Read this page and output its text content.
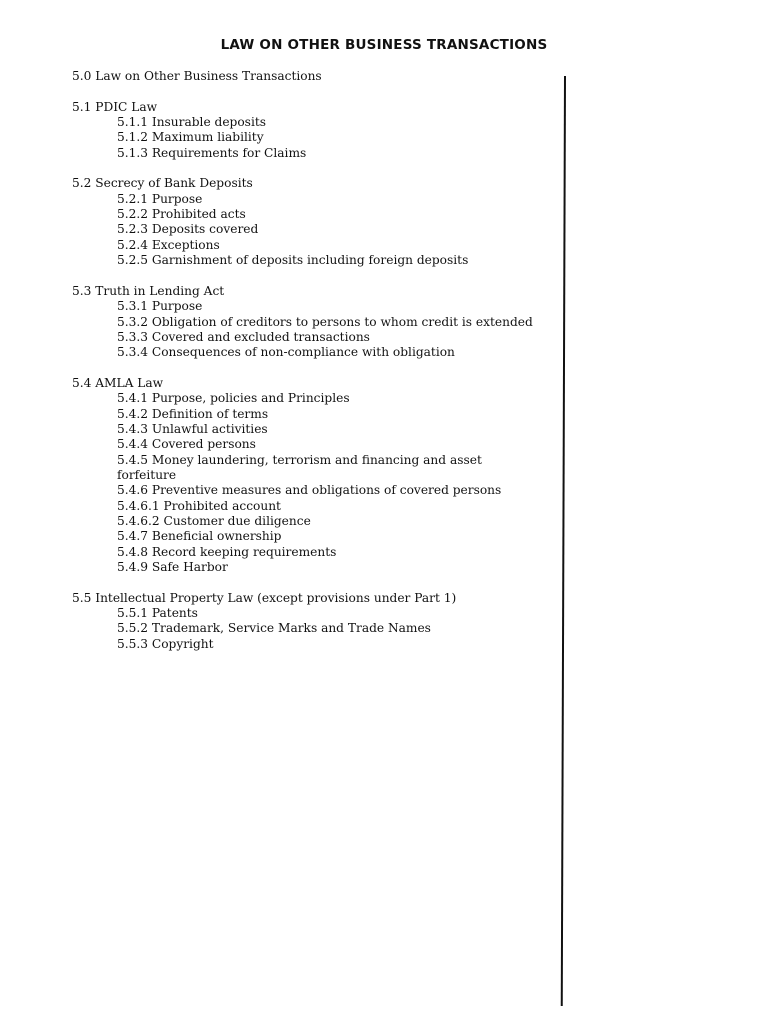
LAW ON OTHER BUSINESS TRANSACTIONS
5.0 Law on Other Business Transactions
5.1 PDIC Law
5.1.1 Insurable deposits
5.1.2 Maximum liability
5.1.3 Requirements for Claims
5.2 Secrecy of Bank Deposits
5.2.1 Purpose
5.2.2 Prohibited acts
5.2.3 Deposits covered
5.2.4 Exceptions
5.2.5 Garnishment of deposits including foreign deposits
5.3 Truth in Lending Act
5.3.1 Purpose
5.3.2 Obligation of creditors to persons to whom credit is extended
5.3.3 Covered and excluded transactions
5.3.4 Consequences of non-compliance with obligation
5.4 AMLA Law
5.4.1 Purpose, policies and Principles
5.4.2 Definition of terms
5.4.3 Unlawful activities
5.4.4 Covered persons
5.4.5 Money laundering, terrorism and financing and asset forfeiture
5.4.6 Preventive measures and obligations of covered persons
5.4.6.1 Prohibited account
5.4.6.2 Customer due diligence
5.4.7 Beneficial ownership
5.4.8 Record keeping requirements
5.4.9 Safe Harbor
5.5 Intellectual Property Law (except provisions under Part 1)
5.5.1 Patents
5.5.2 Trademark, Service Marks and Trade Names
5.5.3 Copyright
